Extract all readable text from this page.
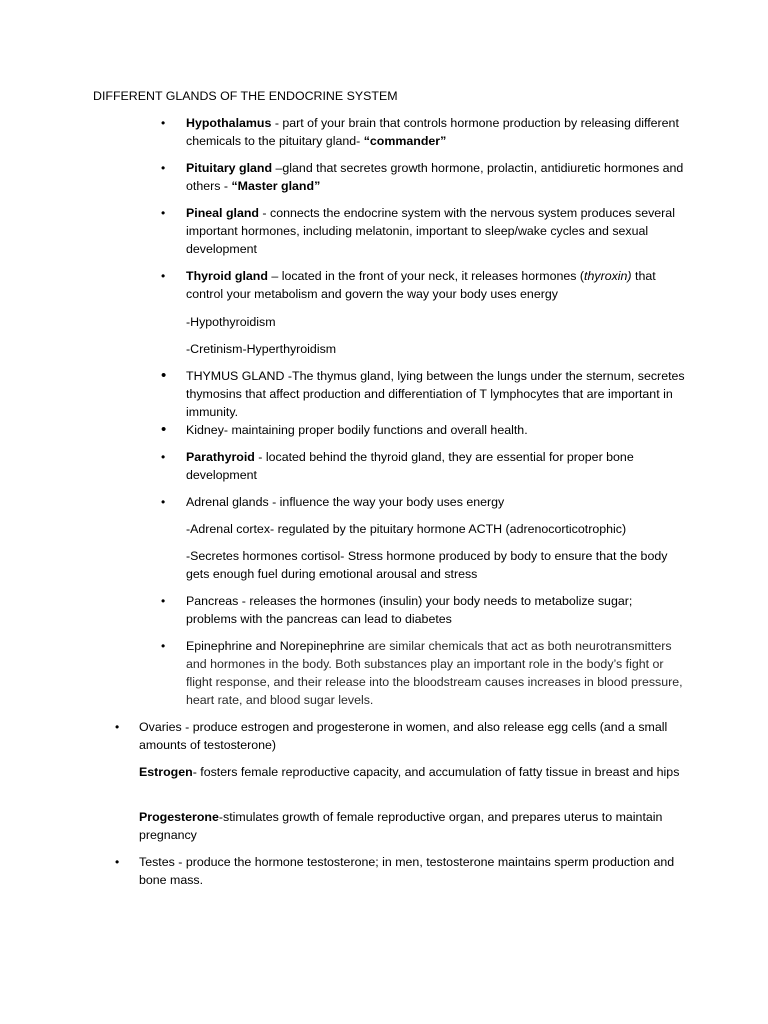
DIFFERENT GLANDS OF THE ENDOCRINE SYSTEM
• Hypothalamus - part of your brain that controls hormone production by releasing different chemicals to the pituitary gland- “commander”

• Pituitary gland –gland that secretes growth hormone, prolactin, antidiuretic hormones and others - “Master gland”

• Pineal gland - connects the endocrine system with the nervous system produces several important hormones, including melatonin, important to sleep/wake cycles and sexual development

• Thyroid gland – located in the front of your neck, it releases hormones (thyroxin) that control your metabolism and govern the way your body uses energy

-Hypothyroidism

-Cretinism-Hyperthyroidism

• THYMUS GLAND -The thymus gland, lying between the lungs under the sternum, secretes thymosins that affect production and differentiation of T lymphocytes that are important in immunity.

• Kidney- maintaining proper bodily functions and overall health.

• Parathyroid - located behind the thyroid gland, they are essential for proper bone development

• Adrenal glands - influence the way your body uses energy

-Adrenal cortex- regulated by the pituitary hormone ACTH (adrenocorticotrophic)

-Secretes hormones cortisol- Stress hormone produced by body to ensure that the body gets enough fuel during emotional arousal and stress

• Pancreas - releases the hormones (insulin) your body needs to metabolize sugar; problems with the pancreas can lead to diabetes

• Epinephrine and Norepinephrine are similar chemicals that act as both neurotransmitters and hormones in the body. Both substances play an important role in the body’s fight or flight response, and their release into the bloodstream causes increases in blood pressure, heart rate, and blood sugar levels.

• Ovaries - produce estrogen and progesterone in women, and also release egg cells (and a small amounts of testosterone)

Estrogen- fosters female reproductive capacity, and accumulation of fatty tissue in breast and hips

Progesterone-stimulates growth of female reproductive organ, and prepares uterus to maintain pregnancy

• Testes - produce the hormone testosterone; in men, testosterone maintains sperm production and bone mass.
